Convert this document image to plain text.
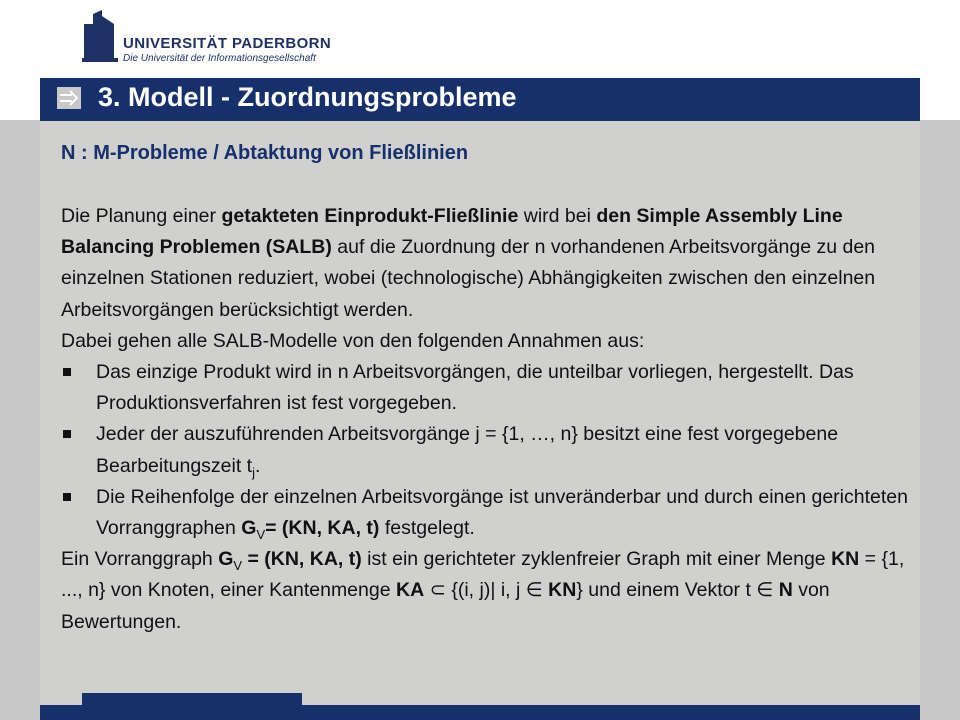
UNIVERSITÄT PADERBORN
Die Universität der Informationsgesellschaft
3. Modell - Zuordnungsprobleme
N : M-Probleme / Abtaktung von Fließlinien

Die Planung einer getakteten Einprodukt-Fließlinie wird bei den Simple Assembly Line Balancing Problemen (SALB) auf die Zuordnung der n vorhandenen Arbeitsvorgänge zu den einzelnen Stationen reduziert, wobei (technologische) Abhängigkeiten zwischen den einzelnen Arbeitsvorgängen berücksichtigt werden.

Dabei gehen alle SALB-Modelle von den folgenden Annahmen aus:

Das einzige Produkt wird in n Arbeitsvorgängen, die unteilbar vorliegen, hergestellt. Das Produktionsverfahren ist fest vorgegeben.
Jeder der auszuführenden Arbeitsvorgänge j = {1, …, n} besitzt eine fest vorgegebene Bearbeitungszeit $t_j$.
Die Reihenfolge der einzelnen Arbeitsvorgänge ist unveränderbar und durch einen gerichteten Vorranggraphen $G_V= (KN$, KA, t) festgelegt.

Ein Vorranggraph $G_V = (KN$, KA, t) ist ein gerichteter zyklenfreier Graph mit einer Menge KN = {1, ..., n} von Knoten, einer Kantenmenge KA ⊂ {(i, j)| i, j ∈ KN} und einem Vektor t ∈ N von Bewertungen.
